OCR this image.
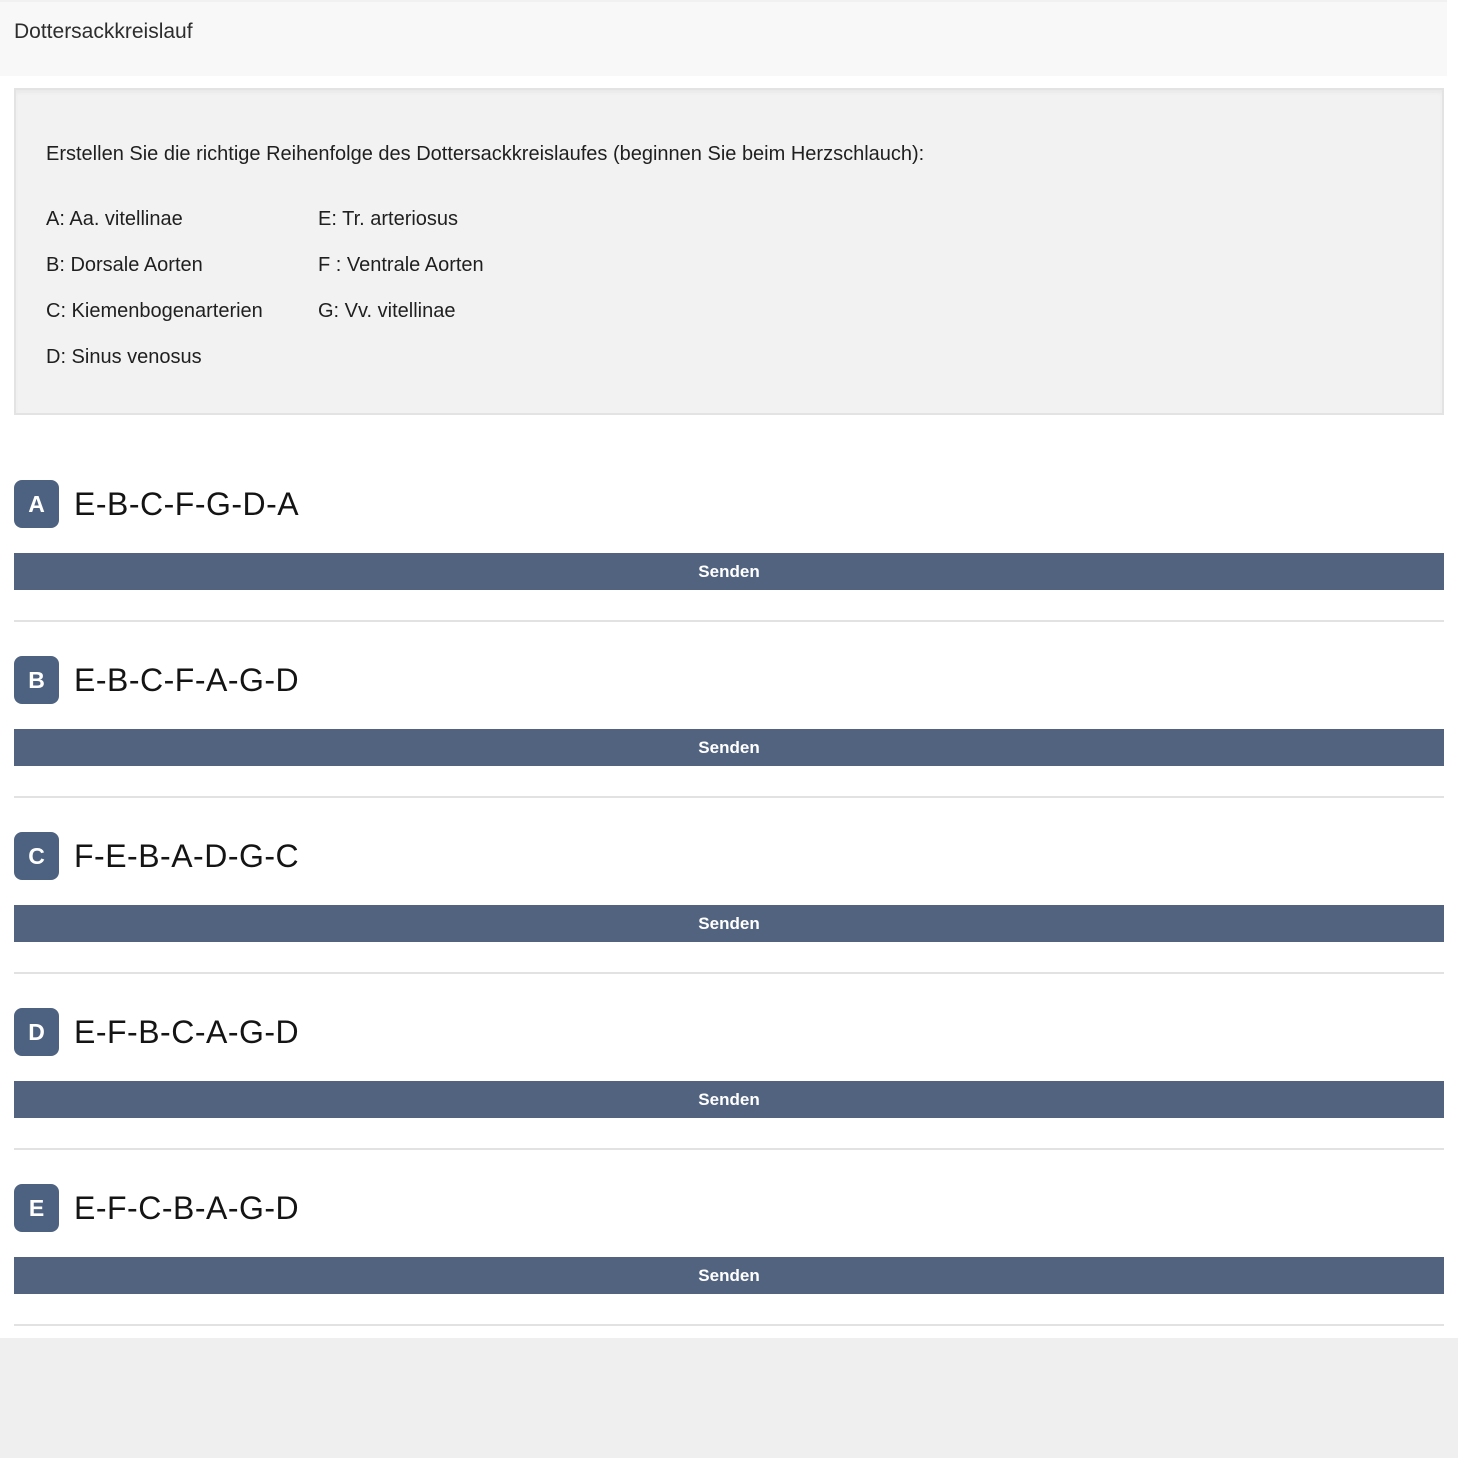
Dottersackkreislauf

Erstellen Sie die richtige Reihenfolge des Dottersackkreislaufes (beginnen Sie beim Herzschlauch):

A: Aa. vitellinae	E: Tr. arteriosus
B: Dorsale Aorten	F : Ventrale Aorten
C: Kiemenbogenarterien	G: Vv. vitellinae
D: Sinus venosus
A E-B-C-F-G-D-A
Senden
B E-B-C-F-A-G-D
Senden
C F-E-B-A-D-G-C
Senden
D E-F-B-C-A-G-D
Senden
E E-F-C-B-A-G-D
Senden
